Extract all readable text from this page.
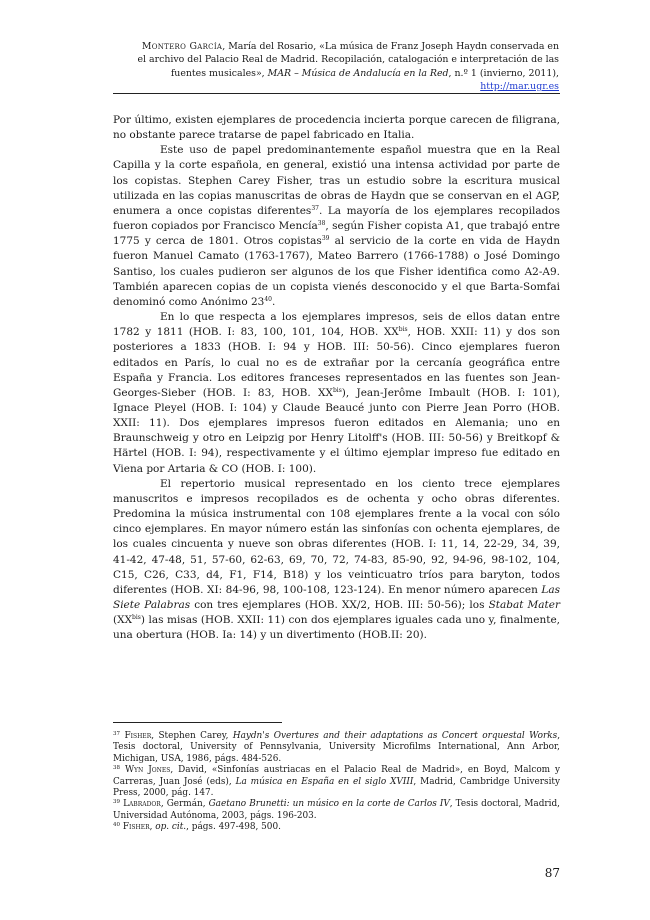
Montero García, María del Rosario, «La música de Franz Joseph Haydn conservada en el archivo del Palacio Real de Madrid. Recopilación, catalogación e interpretación de las fuentes musicales», MAR – Música de Andalucía en la Red, n.º 1 (invierno, 2011), http://mar.ugr.es

Por último, existen ejemplares de procedencia incierta porque carecen de filigrana, no obstante parece tratarse de papel fabricado en Italia.

Este uso de papel predominantemente español muestra que en la Real Capilla y la corte española, en general, existió una intensa actividad por parte de los copistas. Stephen Carey Fisher, tras un estudio sobre la escritura musical utilizada en las copias manuscritas de obras de Haydn que se conservan en el AGP, enumera a once copistas diferentes$^{37}$. La mayoría de los ejemplares recopilados fueron copiados por Francisco Mencía$^{38}$, según Fisher copista A1, que trabajó entre 1775 y cerca de 1801. Otros copistas$^{39}$ al servicio de la corte en vida de Haydn fueron Manuel Camato (1763-1767), Mateo Barrero (1766-1788) o José Domingo Santiso, los cuales pudieron ser algunos de los que Fisher identifica como A2-A9. También aparecen copias de un copista vienés desconocido y el que Barta-Somfai denominó como Anónimo $23^{40}$.

En lo que respecta a los ejemplares impresos, seis de ellos datan entre 1782 y 1811 (HOB. I: 83, 100, 101, 104, HOB. $XX^{bis}$, HOB. XXII: 11) y dos son posteriores a 1833 (HOB. I: 94 y HOB. III: 50-56). Cinco ejemplares fueron editados en París, lo cual no es de extrañar por la cercanía geográfica entre España y Francia. Los editores franceses representados en las fuentes son Jean-Georges-Sieber (HOB. I: 83, HOB. $XX^{bis}$), Jean-Jerôme Imbault (HOB. I: 101), Ignace Pleyel (HOB. I: 104) y Claude Beaucé junto con Pierre Jean Porro (HOB. XXII: 11). Dos ejemplares impresos fueron editados en Alemania; uno en Braunschweig y otro en Leipzig por Henry Litolff's (HOB. III: 50-56) y Breitkopf & Härtel (HOB. I: 94), respectivamente y el último ejemplar impreso fue editado en Viena por Artaria & CO (HOB. I: 100).

El repertorio musical representado en los ciento trece ejemplares manuscritos e impresos recopilados es de ochenta y ocho obras diferentes. Predomina la música instrumental con 108 ejemplares frente a la vocal con sólo cinco ejemplares. En mayor número están las sinfonías con ochenta ejemplares, de los cuales cincuenta y nueve son obras diferentes (HOB. I: 11, 14, 22-29, 34, 39, 41-42, 47-48, 51, 57-60, 62-63, 69, 70, 72, 74-83, 85-90, 92, 94-96, 98-102, 104, C15, C26, C33, d4, F1, F14, B18) y los veinticuatro tríos para baryton, todos diferentes (HOB. XI: 84-96, 98, 100-108, 123-124). En menor número aparecen Las Siete Palabras con tres ejemplares (HOB. XX/2, HOB. III: 50-56); los Stabat Mater $(XX^{bis})$ las misas (HOB. XXII: 11) con dos ejemplares iguales cada uno y, finalmente, una obertura (HOB. Ia: 14) y un divertimento (HOB.II: 20).

$^{37}$ Fisher, Stephen Carey, Haydn's Overtures and their adaptations as Concert orquestal Works, Tesis doctoral, University of Pennsylvania, University Microfilms International, Ann Arbor, Michigan, USA, 1986, págs. 484-526.

$^{38}$ Wyn Jones, David, «Sinfonías austriacas en el Palacio Real de Madrid», en Boyd, Malcom y Carreras, Juan José (eds), La música en España en el siglo XVIII, Madrid, Cambridge University Press, 2000, pág. 147.

$^{39}$ Labrador, Germán, Gaetano Brunetti: un músico en la corte de Carlos IV, Tesis doctoral, Madrid, Universidad Autónoma, 2003, págs. 196-203.

$^{40}$ Fisher, op. cit., págs. 497-498, 500.

87
